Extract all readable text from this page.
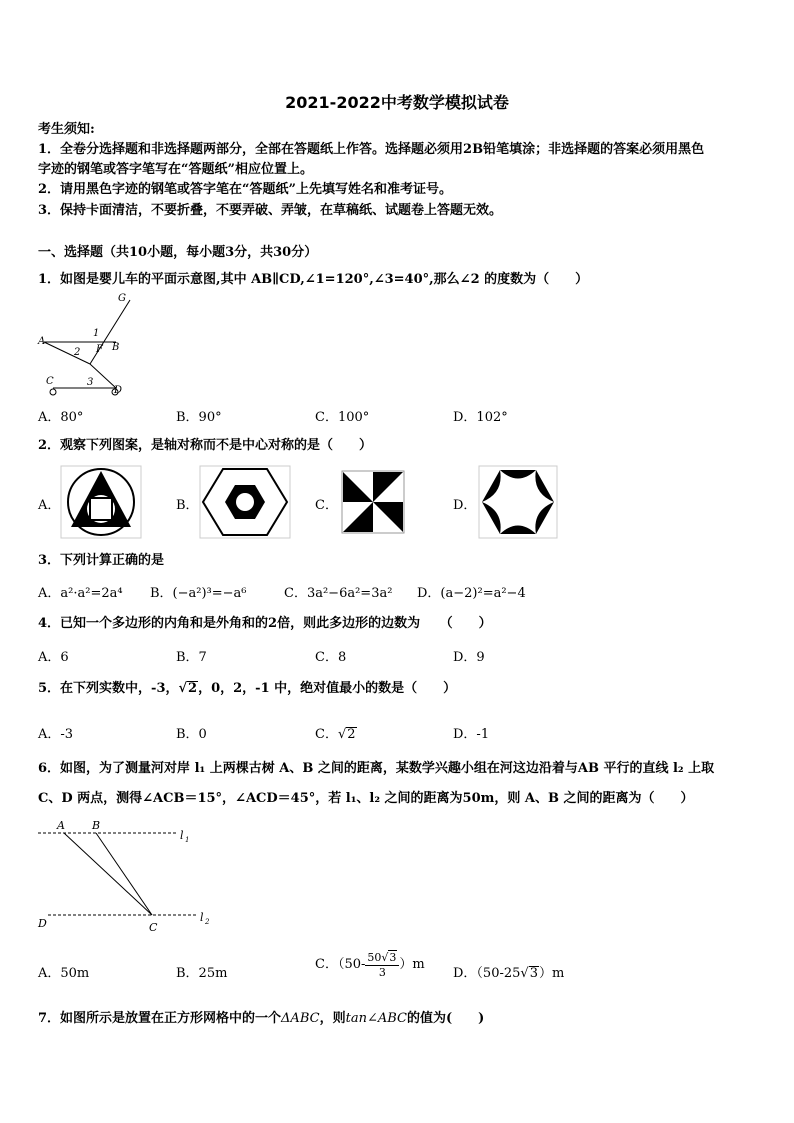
2021-2022中考数学模拟试卷
考生须知:
1．全卷分选择题和非选择题两部分，全部在答题纸上作答。选择题必须用2B铅笔填涂；非选择题的答案必须用黑色
字迹的钢笔或答字笔写在“答题纸”相应位置上。
2．请用黑色字迹的钢笔或答字笔在“答题纸”上先填写姓名和准考证号。
3．保持卡面清洁，不要折叠，不要弄破、弄皱，在草稿纸、试题卷上答题无效。
一、选择题（共10小题，每小题3分，共30分）
1．如图是婴儿车的平面示意图,其中 AB∥CD,∠1=120°,∠3=40°,那么∠2 的度数为（　　）
G
A
B
F
1
2
3
C
D
A．80°	B．90°	C．100°	D．102°
2．观察下列图案，是轴对称而不是中心对称的是（　　）
A．	B．	C．	D．
3．下列计算正确的是
A．a²·a²=2a⁴ B．(−a²)³=−a⁶	C．3a²−6a²=3a² D．(a−2)²=a²−4
4．已知一个多边形的内角和是外角和的2倍，则此多边形的边数为　　（　　）
A．6	B．7	C．8	D．9
5．在下列实数中，-3，√2，0，2，-1 中，绝对值最小的数是（　　）
A．-3	B．0	C．√2	D．-1
6．如图，为了测量河对岸 l₁ 上两棵古树 A、B 之间的距离，某数学兴趣小组在河这边沿着与AB 平行的直线 l₂ 上取
C、D 两点，测得∠ACB＝15°，∠ACD＝45°，若 l₁、l₂ 之间的距离为50m，则 A、B 之间的距离为（　　）
A B
D	C
l 1
l 2
A．50m	B．25m
C．$(50- \frac{50√3}{3} )m$
D．（50-25√3）m
7．如图所示是放置在正方形网格中的一个ΔABC，则tan∠ABC的值为(　　)
